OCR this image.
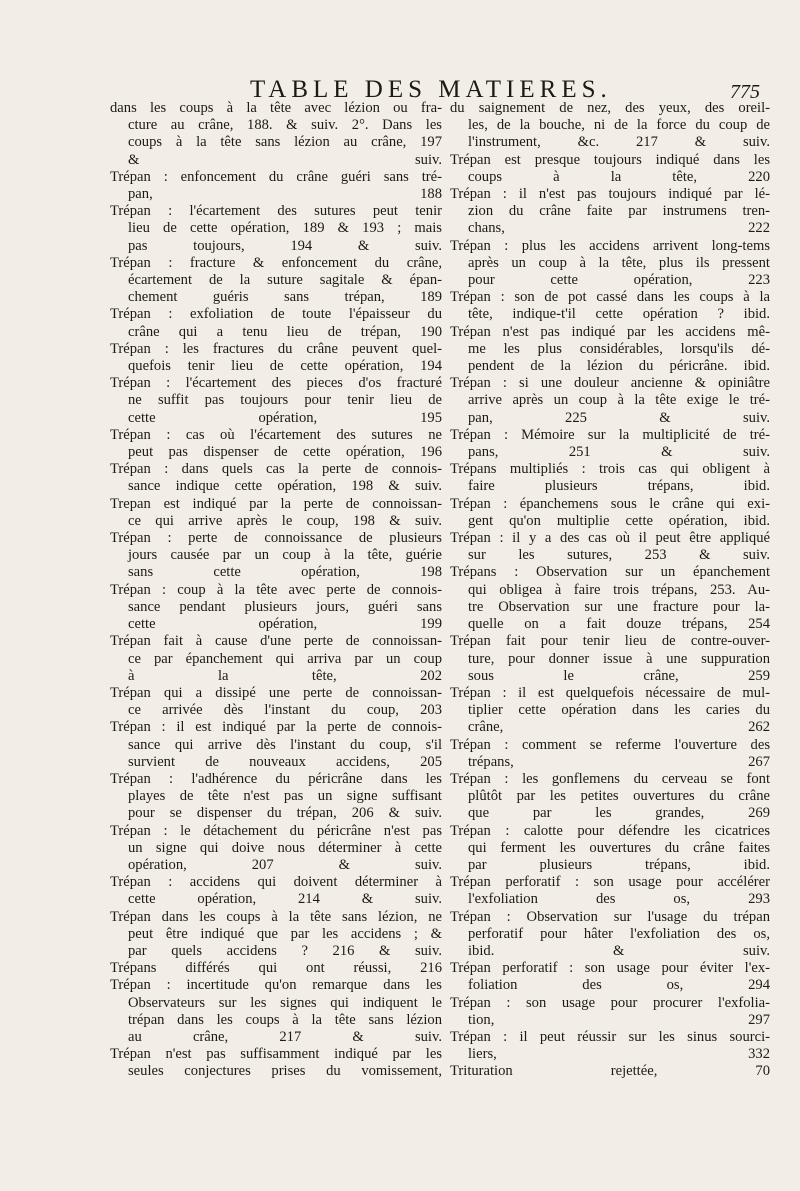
TABLE DES MATIERES.	775
dans les coups à la tête avec lézion ou fra-
cture au crâne, 188. & suiv. 2°. Dans les
coups à la tête sans lézion au crâne, 197
& suiv.
Trépan : enfoncement du crâne guéri sans tré-
pan, 188
Trépan : l'écartement des sutures peut tenir
lieu de cette opération, 189 & 193 ; mais
pas toujours, 194 & suiv.
Trépan : fracture & enfoncement du crâne,
écartement de la suture sagitale & épan-
chement guéris sans trépan, 189
Trépan : exfoliation de toute l'épaisseur du
crâne qui a tenu lieu de trépan, 190
Trépan : les fractures du crâne peuvent quel-
quefois tenir lieu de cette opération, 194
Trépan : l'écartement des pieces d'os fracturé
ne suffit pas toujours pour tenir lieu de
cette opération, 195
Trépan : cas où l'écartement des sutures ne
peut pas dispenser de cette opération, 196
Trépan : dans quels cas la perte de connois-
sance indique cette opération, 198 & suiv.
Trepan est indiqué par la perte de connoissan-
ce qui arrive après le coup, 198 & suiv.
Trépan : perte de connoissance de plusieurs
jours causée par un coup à la tête, guérie
sans cette opération, 198
Trépan : coup à la tête avec perte de connois-
sance pendant plusieurs jours, guéri sans
cette opération, 199
Trépan fait à cause d'une perte de connoissan-
ce par épanchement qui arriva par un coup
à la tête, 202
Trépan qui a dissipé une perte de connoissan-
ce arrivée dès l'instant du coup, 203
Trépan : il est indiqué par la perte de connois-
sance qui arrive dès l'instant du coup, s'il
survient de nouveaux accidens, 205
Trépan : l'adhérence du péricrâne dans les
playes de tête n'est pas un signe suffisant
pour se dispenser du trépan, 206 & suiv.
Trépan : le détachement du péricrâne n'est pas
un signe qui doive nous déterminer à cette
opération, 207 & suiv.
Trépan : accidens qui doivent déterminer à
cette opération, 214 & suiv.
Trépan dans les coups à la tête sans lézion, ne
peut être indiqué que par les accidens ; &
par quels accidens ? 216 & suiv.
Trépans différés qui ont réussi, 216
Trépan : incertitude qu'on remarque dans les
Observateurs sur les signes qui indiquent le
trépan dans les coups à la tête sans lézion
au crâne, 217 & suiv.
Trépan n'est pas suffisamment indiqué par les
seules conjectures prises du vomissement,
du saignement de nez, des yeux, des oreil-
les, de la bouche, ni de la force du coup de
l'instrument, &c. 217 & suiv.
Trépan est presque toujours indiqué dans les
coups à la tête, 220
Trépan : il n'est pas toujours indiqué par lé-
zion du crâne faite par instrumens tren-
chans, 222
Trépan : plus les accidens arrivent long-tems
après un coup à la tête, plus ils pressent
pour cette opération, 223
Trépan : son de pot cassé dans les coups à la
tête, indique-t'il cette opération ? ibid.
Trépan n'est pas indiqué par les accidens mê-
me les plus considérables, lorsqu'ils dé-
pendent de la lézion du péricrâne. ibid.
Trépan : si une douleur ancienne & opiniâtre
arrive après un coup à la tête exige le tré-
pan, 225 & suiv.
Trépan : Mémoire sur la multiplicité de tré-
pans, 251 & suiv.
Trépans multipliés : trois cas qui obligent à
faire plusieurs trépans, ibid.
Trépan : épanchemens sous le crâne qui exi-
gent qu'on multiplie cette opération, ibid.
Trépan : il y a des cas où il peut être appliqué
sur les sutures, 253 & suiv.
Trépans : Observation sur un épanchement
qui obligea à faire trois trépans, 253. Au-
tre Observation sur une fracture pour la-
quelle on a fait douze trépans, 254
Trépan fait pour tenir lieu de contre-ouver-
ture, pour donner issue à une suppuration
sous le crâne, 259
Trépan : il est quelquefois nécessaire de mul-
tiplier cette opération dans les caries du
crâne, 262
Trépan : comment se referme l'ouverture des
trépans, 267
Trépan : les gonflemens du cerveau se font
plûtôt par les petites ouvertures du crâne
que par les grandes, 269
Trépan : calotte pour défendre les cicatrices
qui ferment les ouvertures du crâne faites
par plusieurs trépans, ibid.
Trépan perforatif : son usage pour accélérer
l'exfoliation des os, 293
Trépan : Observation sur l'usage du trépan
perforatif pour hâter l'exfoliation des os,
ibid. & suiv.
Trépan perforatif : son usage pour éviter l'ex-
foliation des os, 294
Trépan : son usage pour procurer l'exfolia-
tion, 297
Trépan : il peut réussir sur les sinus sourci-
liers, 332
Trituration rejettée, 70
